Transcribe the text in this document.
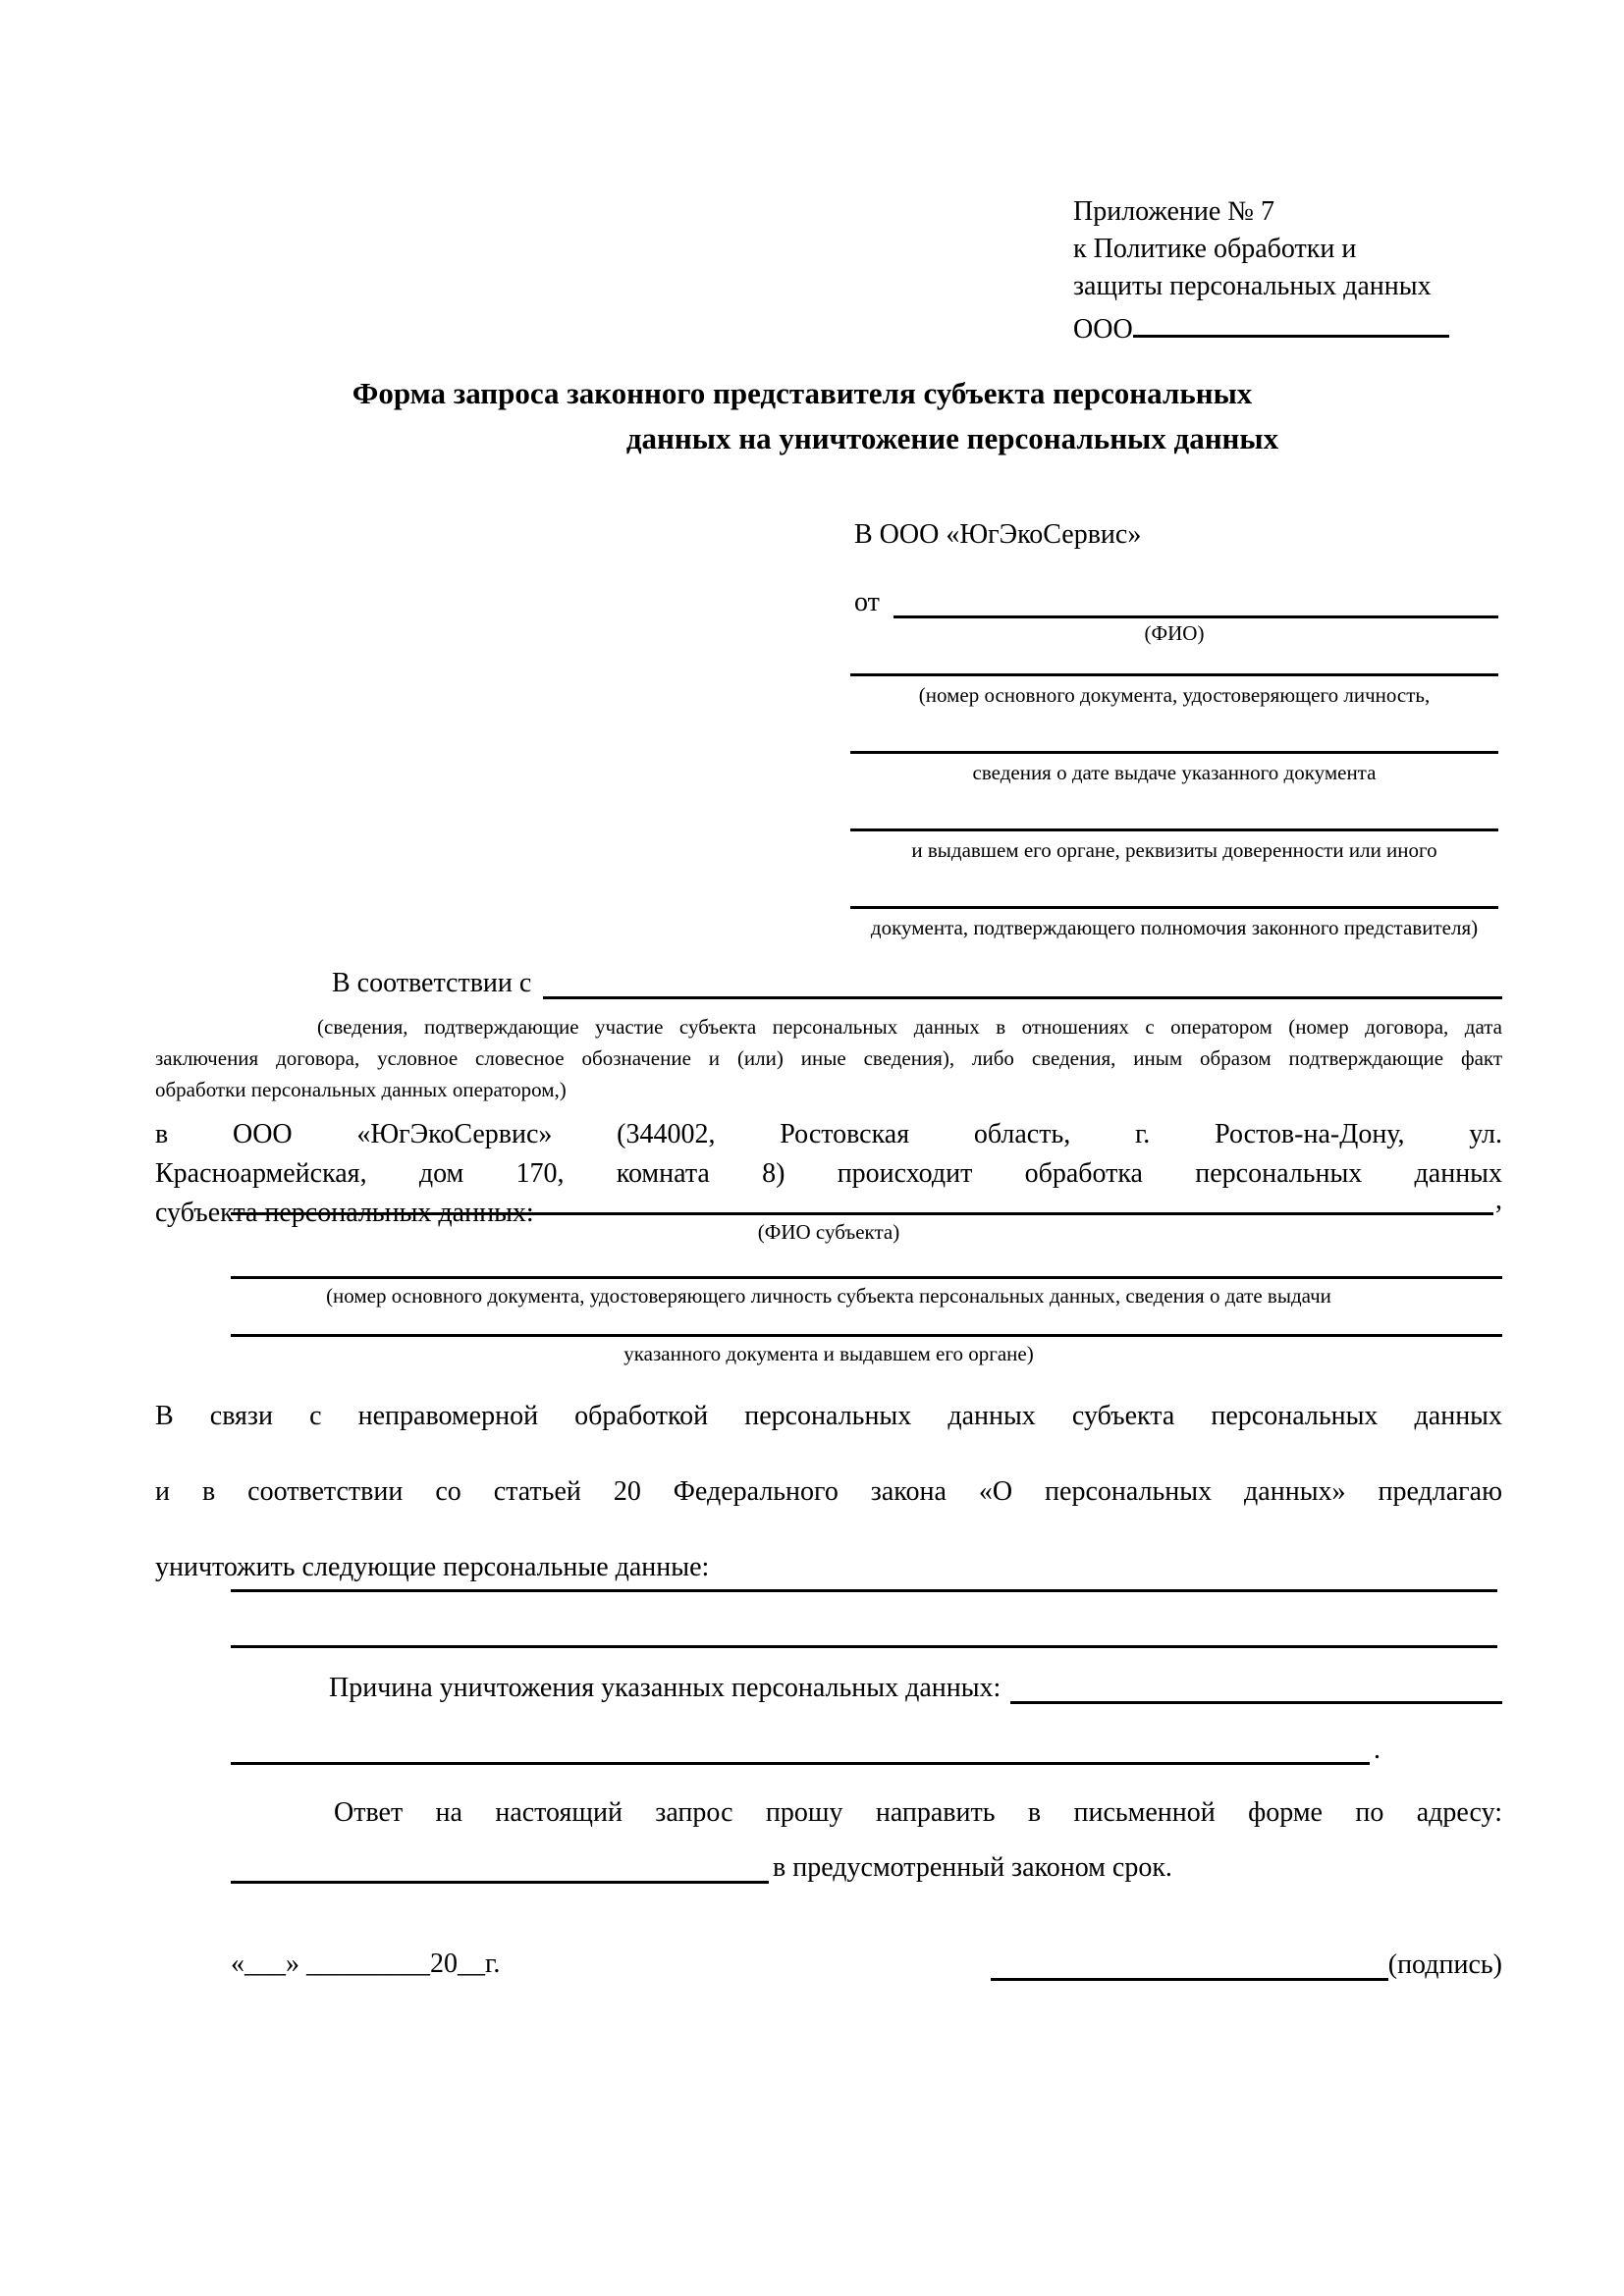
Приложение № 7
к Политике обработки и
защиты персональных данных
ООО
Форма запроса законного представителя субъекта персональных
данных на уничтожение персональных данных
В ООО «ЮгЭкоСервис»
от
(ФИО)
(номер основного документа, удостоверяющего личность,
сведения о дате выдаче указанного документа
и выдавшем его органе, реквизиты доверенности или иного
документа, подтверждающего полномочия законного представителя)
В соответствии с
(сведения, подтверждающие участие субъекта персональных данных в отношениях с оператором (номер договора, дата
заключения договора, условное словесное обозначение и (или) иные сведения), либо сведения, иным образом подтверждающие факт
обработки персональных данных оператором,)
в ООО «ЮгЭкоСервис» (344002, Ростовская область, г. Ростов-на-Дону, ул.
Красноармейская, дом 170, комната 8) происходит обработка персональных данных
субъекта персональных данных:	,
(ФИО субъекта)
(номер основного документа, удостоверяющего личность субъекта персональных данных, сведения о дате выдачи
указанного документа и выдавшем его органе)
В связи с неправомерной обработкой персональных данных субъекта персональных данных
и в соответствии со статьей 20 Федерального закона «О персональных данных» предлагаю
уничтожить следующие персональные данные:
Причина уничтожения указанных персональных данных:
.
Ответ на настоящий запрос прошу направить в письменной форме по адресу:
в предусмотренный законом срок.
«___» _________20__г.	(подпись)
